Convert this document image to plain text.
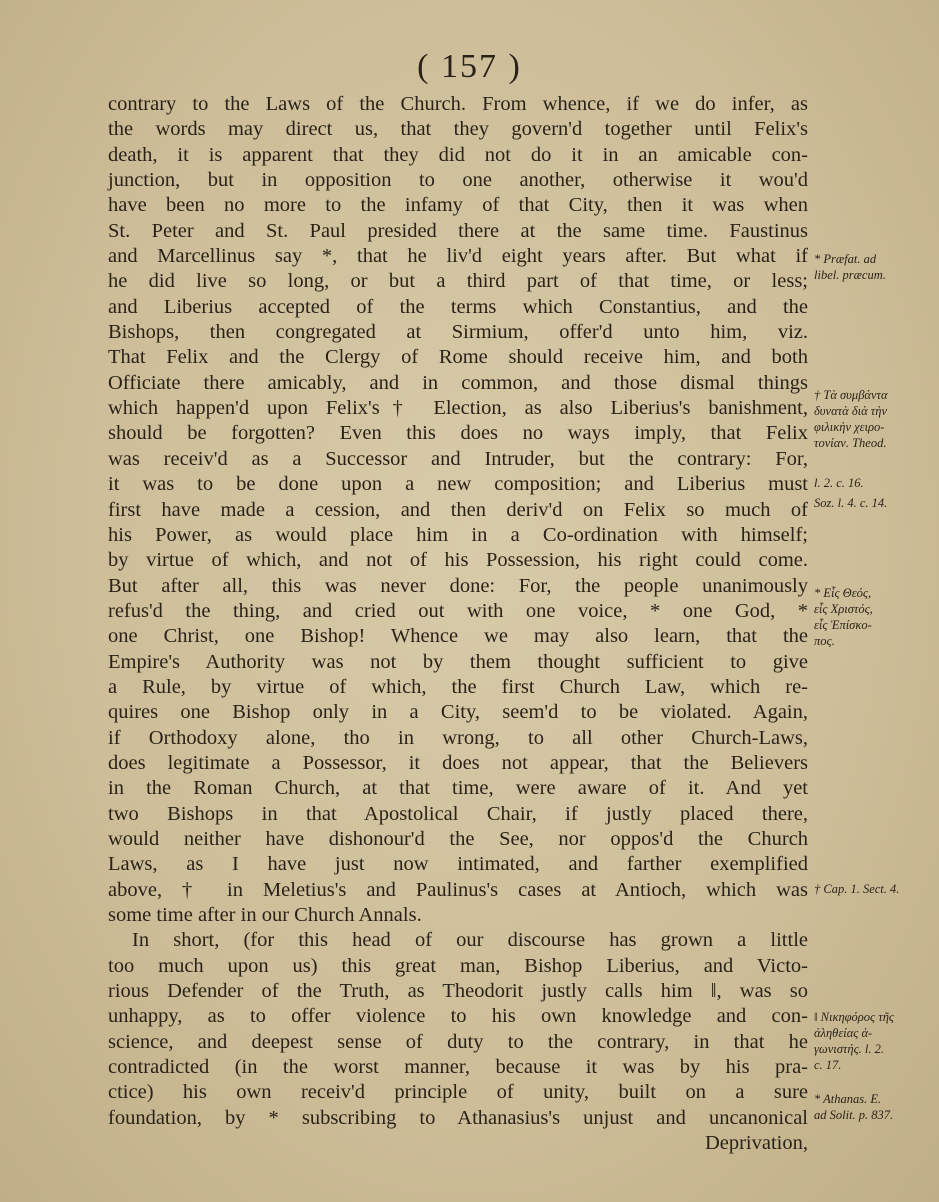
( 157 )
contrary to the Laws of the Church. From whence, if we do infer, as
the words may direct us, that they govern'd together until Felix's
death, it is apparent that they did not do it in an amicable con-
junction, but in opposition to one another, otherwise it wou'd
have been no more to the infamy of that City, then it was when
St. Peter and St. Paul presided there at the same time. Faustinus
and Marcellinus say *, that he liv'd eight years after. But what if
he did live so long, or but a third part of that time, or less;
and Liberius accepted of the terms which Constantius, and the
Bishops, then congregated at Sirmium, offer'd unto him, viz.
That Felix and the Clergy of Rome should receive him, and both
Officiate there amicably, and in common, and those dismal things
which happen'd upon Felix's† Election, as also Liberius's banishment,
should be forgotten? Even this does no ways imply, that Felix
was receiv'd as a Successor and Intruder, but the contrary: For,
it was to be done upon a new composition; and Liberius must
first have made a cession, and then deriv'd on Felix so much of
his Power, as would place him in a Co-ordination with himself;
by virtue of which, and not of his Possession, his right could come.
But after all, this was never done: For, the people unanimously
refus'd the thing, and cried out with one voice, * one God, *
one Christ, one Bishop! Whence we may also learn, that the
Empire's Authority was not by them thought sufficient to give
a Rule, by virtue of which, the first Church Law, which re-
quires one Bishop only in a City, seem'd to be violated. Again,
if Orthodoxy alone, tho in wrong, to all other Church-Laws,
does legitimate a Possessor, it does not appear, that the Believers
in the Roman Church, at that time, were aware of it. And yet
two Bishops in that Apostolical Chair, if justly placed there,
would neither have dishonour'd the See, nor oppos'd the Church
Laws, as I have just now intimated, and farther exemplified
above, † in Meletius's and Paulinus's cases at Antioch, which was
some time after in our Church Annals.
In short, (for this head of our discourse has grown a little
too much upon us) this great man, Bishop Liberius, and Victo-
rious Defender of the Truth, as Theodorit justly calls him ‖, was so
unhappy, as to offer violence to his own knowledge and con-
science, and deepest sense of duty to the contrary, in that he
contradicted (in the worst manner, because it was by his pra-
ctice) his own receiv'd principle of unity, built on a sure
foundation, by * subscribing to Athanasius's unjust and uncanonical
Deprivation,
* Præfat. ad
libel. præcum.
† Τὰ συμβάντα
δυνατὰ διὰ τὴν
φιλικὴν χειρο-
τονίαν. Theod.
l. 2. c. 16.
Soz. l. 4. c. 14.
* Εἷς Θεός,
εἷς Χριστός,
εἷς Ἐπίσκο-
πος.
† Cap. 1. Sect. 4.
‖ Νικηφόρος τῆς
ἀληθείας ἀ-
γωνιστής. l. 2.
c. 17.
* Athanas. E.
ad Solit. p. 837.
